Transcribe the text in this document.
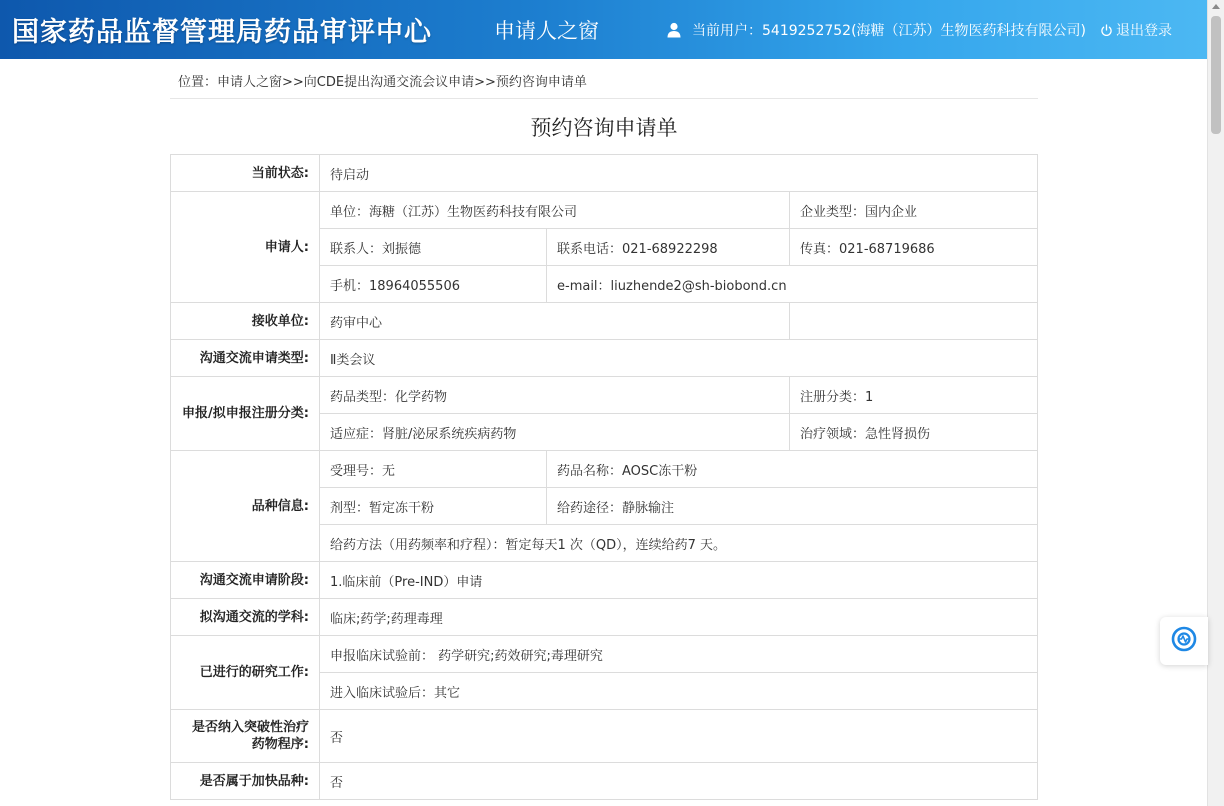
国家药品监督管理局药品审评中心	申请人之窗	当前用户：5419252752(海糖（江苏）生物医药科技有限公司) 退出登录
位置：申请人之窗>>向CDE提出沟通交流会议申请>>预约咨询申请单
预约咨询申请单
当前状态:	待启动		
申请人:	单位：海糖（江苏）生物医药科技有限公司		企业类型：国内企业
	联系人：刘振德	联系电话：021-68922298	传真：021-68719686
	手机：18964055506	e-mail：liuzhende2@sh-biobond.cn	
接收单位:	药审中心		
沟通交流申请类型:	Ⅱ类会议		
申报/拟申报注册分类:	药品类型：化学药物		注册分类：1
	适应症：肾脏/泌尿系统疾病药物		治疗领域：急性肾损伤
品种信息:	受理号：无	药品名称：AOSC冻干粉	
	剂型：暂定冻干粉	给药途径：静脉输注	
	给药方法（用药频率和疗程）：暂定每天1 次（QD），连续给药7 天。		
沟通交流申请阶段:	1.临床前（Pre-IND）申请		
拟沟通交流的学科:	临床;药学;药理毒理		
已进行的研究工作:	申报临床试验前： 药学研究;药效研究;毒理研究		
	进入临床试验后：其它		
是否纳入突破性治疗药物程序:	否		
是否属于加快品种:	否		
